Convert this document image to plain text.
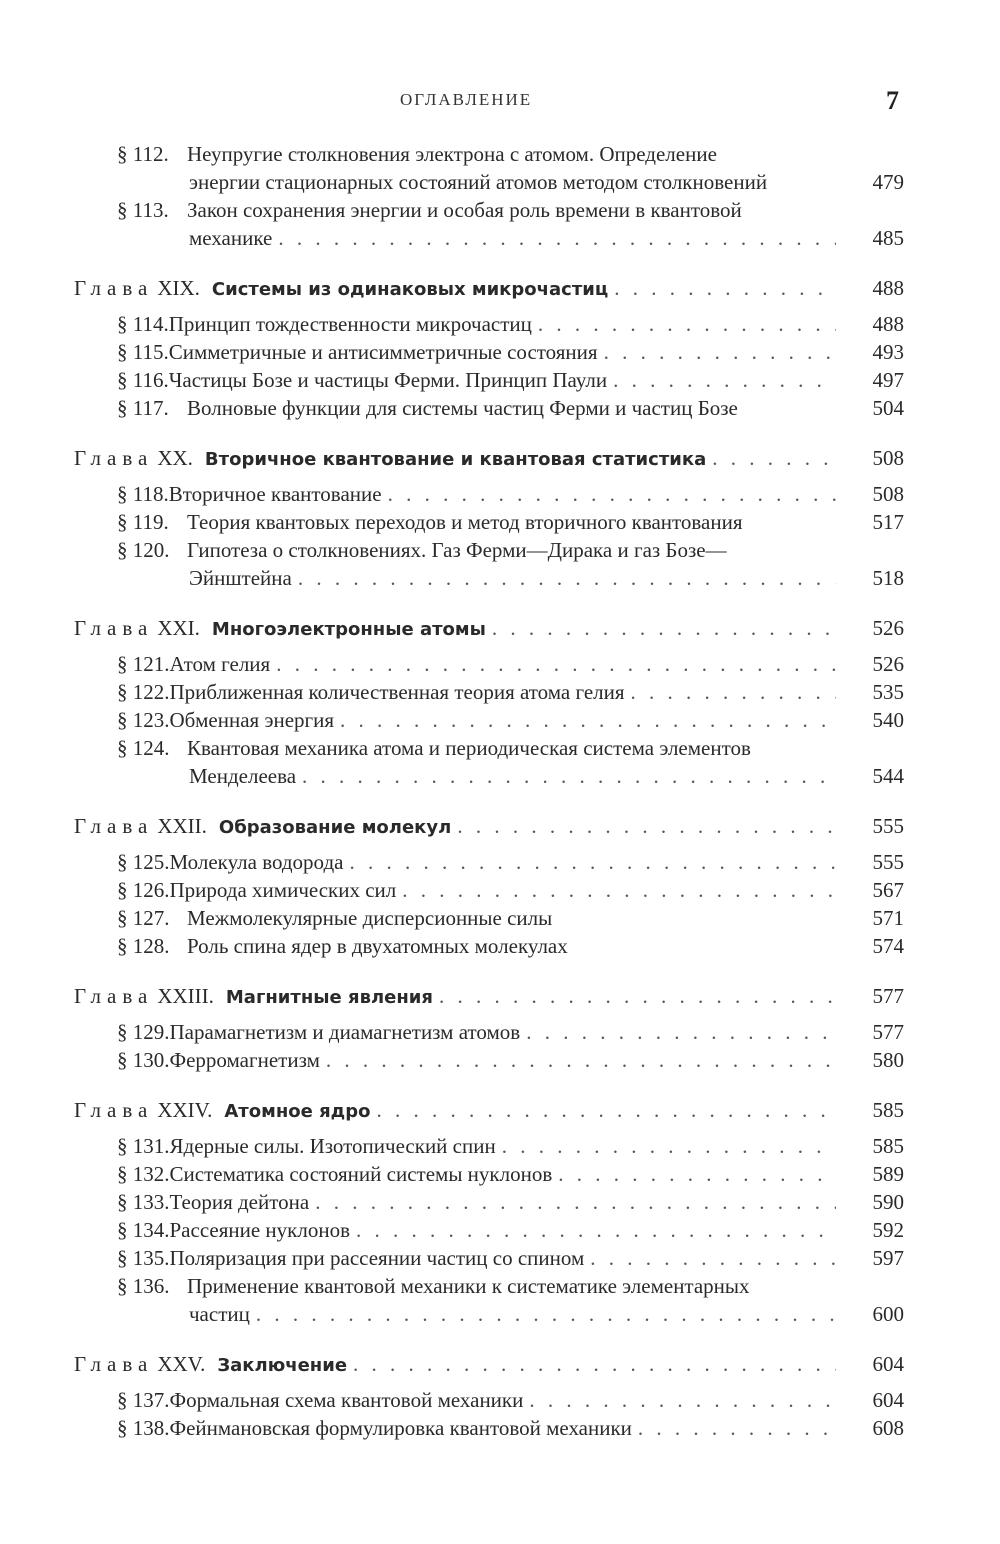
ОГЛАВЛЕНИЕ	7
§ 112. Неупругие столкновения электрона с атомом. Определение
энергии стационарных состояний атомов методом столкновений	479
§ 113. Закон сохранения энергии и особая роль времени в квантовой
механике . . .	485
Глава XIX. Системы из одинаковых микрочастиц . . .	488
§ 114. Принцип тождественности микрочастиц . . .	488
§ 115. Симметричные и антисимметричные состояния . . .	493
§ 116. Частицы Бозе и частицы Ферми. Принцип Паули . . .	497
§ 117. Волновые функции для системы частиц Ферми и частиц Бозе	504
Глава XX. Вторичное квантование и квантовая статистика . . .	508
§ 118. Вторичное квантование . . .	508
§ 119. Теория квантовых переходов и метод вторичного квантования	517
§ 120. Гипотеза о столкновениях. Газ Ферми—Дирака и газ Бозе—
Эйнштейна . . .	518
Глава XXI. Многоэлектронные атомы . . .	526
§ 121. Атом гелия . . .	526
§ 122. Приближенная количественная теория атома гелия . . .	535
§ 123. Обменная энергия . . .	540
§ 124. Квантовая механика атома и периодическая система элементов
Менделеева . . .	544
Глава XXII. Образование молекул . . .	555
§ 125. Молекула водорода . . .	555
§ 126. Природа химических сил . . .	567
§ 127. Межмолекулярные дисперсионные силы	571
§ 128. Роль спина ядер в двухатомных молекулах	574
Глава XXIII. Магнитные явления . . .	577
§ 129. Парамагнетизм и диамагнетизм атомов . . .	577
§ 130. Ферромагнетизм . . .	580
Глава XXIV. Атомное ядро . . .	585
§ 131. Ядерные силы. Изотопический спин . . .	585
§ 132. Систематика состояний системы нуклонов . . .	589
§ 133. Теория дейтона . . .	590
§ 134. Рассеяние нуклонов . . .	592
§ 135. Поляризация при рассеянии частиц со спином . . .	597
§ 136. Применение квантовой механики к систематике элементарных
частиц . . .	600
Глава XXV. Заключение . . .	604
§ 137. Формальная схема квантовой механики . . .	604
§ 138. Фейнмановская формулировка квантовой механики . . .	608
